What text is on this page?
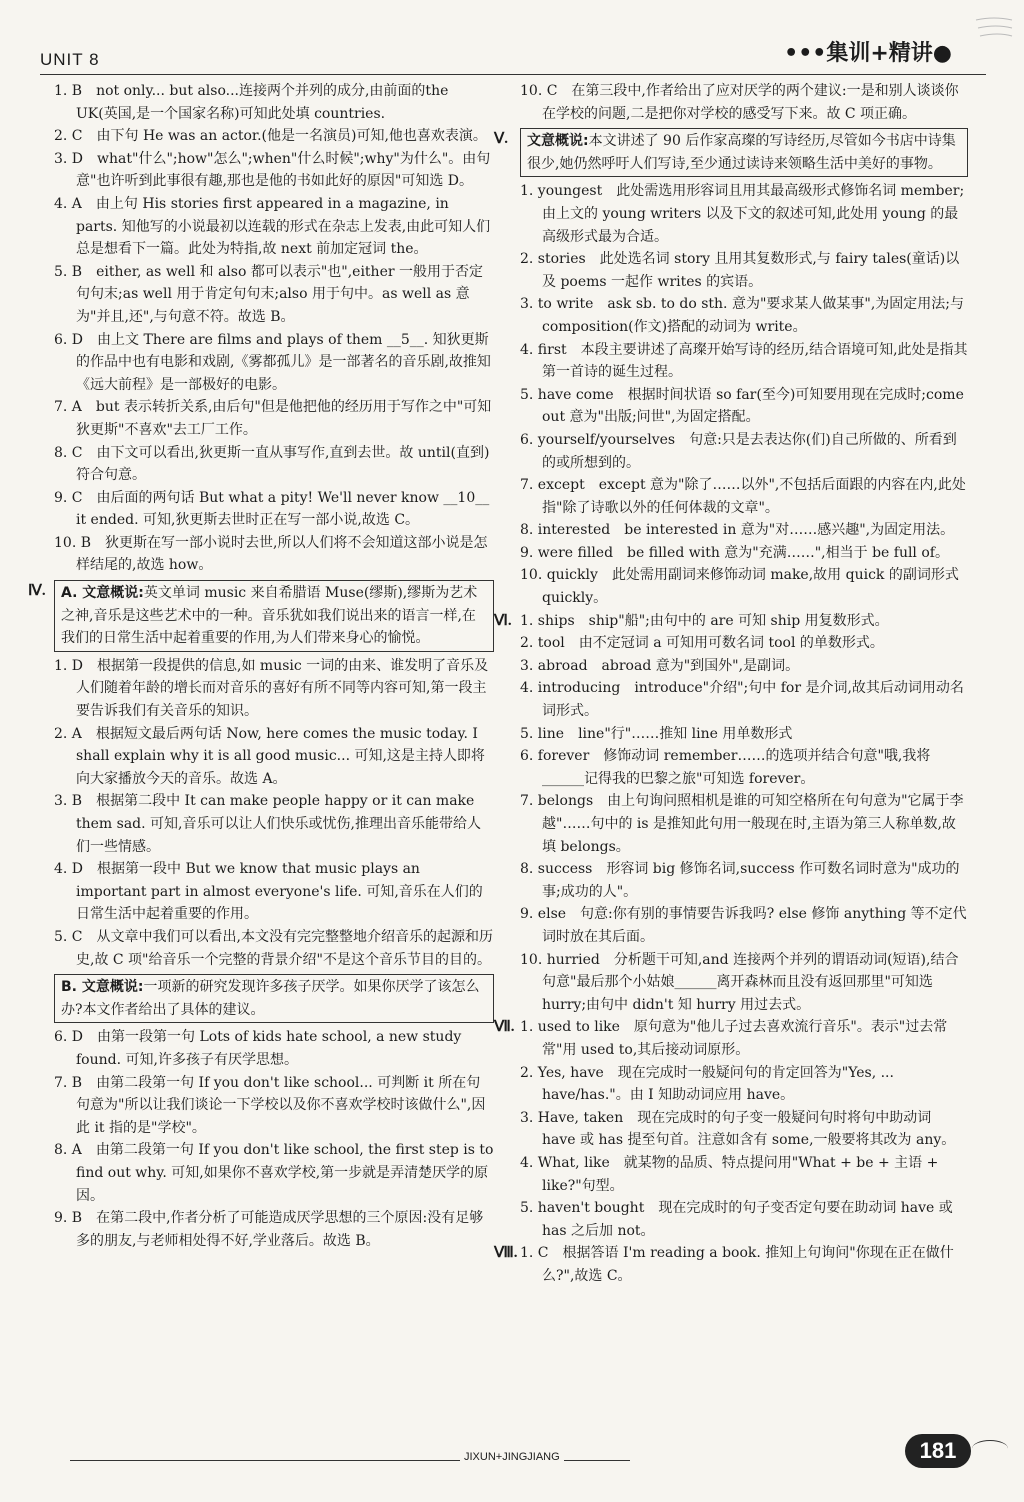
UNIT 8	•••集训+精讲●

1. B　not only... but also...连接两个并列的成分,由前面的the UK(英国,是一个国家名称)可知此处填 countries.

2. C　由下句 He was an actor.(他是一名演员)可知,他也喜欢表演。

3. D　what"什么";how"怎么";when"什么时候";why"为什么"。由句意"也许听到此事很有趣,那也是他的书如此好的原因"可知选 D。

4. A　由上句 His stories first appeared in a magazine, in parts. 知他写的小说最初以连载的形式在杂志上发表,由此可知人们总是想看下一篇。此处为特指,故 next 前加定冠词 the。

5. B　either, as well 和 also 都可以表示"也",either 一般用于否定句句末;as well 用于肯定句句末;also 用于句中。as well as 意为"并且,还",与句意不符。故选 B。

6. D　由上文 There are films and plays of them __5__. 知狄更斯的作品中也有电影和戏剧,《雾都孤儿》是一部著名的音乐剧,故推知《远大前程》是一部极好的电影。

7. A　but 表示转折关系,由后句"但是他把他的经历用于写作之中"可知狄更斯"不喜欢"去工厂工作。

8. C　由下文可以看出,狄更斯一直从事写作,直到去世。故 until(直到)符合句意。

9. C　由后面的两句话 But what a pity! We'll never know __10__ it ended. 可知,狄更斯去世时正在写一部小说,故选 C。

10. B　狄更斯在写一部小说时去世,所以人们将不会知道这部小说是怎样结尾的,故选 how。

Ⅳ.	A. 文意概说:英文单词 music 来自希腊语 Muse(缪斯),缪斯为艺术之神,音乐是这些艺术中的一种。音乐犹如我们说出来的语言一样,在我们的日常生活中起着重要的作用,为人们带来身心的愉悦。

1. D　根据第一段提供的信息,如 music 一词的由来、谁发明了音乐及人们随着年龄的增长而对音乐的喜好有所不同等内容可知,第一段主要告诉我们有关音乐的知识。

2. A　根据短文最后两句话 Now, here comes the music today. I shall explain why it is all good music... 可知,这是主持人即将向大家播放今天的音乐。故选 A。

3. B　根据第二段中 It can make people happy or it can make them sad. 可知,音乐可以让人们快乐或忧伤,推理出音乐能带给人们一些情感。

4. D　根据第一段中 But we know that music plays an important part in almost everyone's life. 可知,音乐在人们的日常生活中起着重要的作用。

5. C　从文章中我们可以看出,本文没有完完整整地介绍音乐的起源和历史,故 C 项"给音乐一个完整的背景介绍"不是这个音乐节目的目的。

B. 文意概说:一项新的研究发现许多孩子厌学。如果你厌学了该怎么办?本文作者给出了具体的建议。

6. D　由第一段第一句 Lots of kids hate school, a new study found. 可知,许多孩子有厌学思想。

7. B　由第二段第一句 If you don't like school... 可判断 it 所在句句意为"所以让我们谈论一下学校以及你不喜欢学校时该做什么",因此 it 指的是"学校"。

8. A　由第二段第一句 If you don't like school, the first step is to find out why. 可知,如果你不喜欢学校,第一步就是弄清楚厌学的原因。

9. B　在第二段中,作者分析了可能造成厌学思想的三个原因:没有足够多的朋友,与老师相处得不好,学业落后。故选 B。

10. C　在第三段中,作者给出了应对厌学的两个建议:一是和别人谈谈你在学校的问题,二是把你对学校的感受写下来。故 C 项正确。

Ⅴ.	文意概说:本文讲述了 90 后作家高璨的写诗经历,尽管如今书店中诗集很少,她仍然呼吁人们写诗,至少通过读诗来领略生活中美好的事物。

1. youngest　此处需选用形容词且用其最高级形式修饰名词 member;由上文的 young writers 以及下文的叙述可知,此处用 young 的最高级形式最为合适。

2. stories　此处选名词 story 且用其复数形式,与 fairy tales(童话)以及 poems 一起作 writes 的宾语。

3. to write　ask sb. to do sth. 意为"要求某人做某事",为固定用法;与 composition(作文)搭配的动词为 write。

4. first　本段主要讲述了高璨开始写诗的经历,结合语境可知,此处是指其第一首诗的诞生过程。

5. have come　根据时间状语 so far(至今)可知要用现在完成时;come out 意为"出版;问世",为固定搭配。

6. yourself/yourselves　句意:只是去表达你(们)自己所做的、所看到的或所想到的。

7. except　except 意为"除了……以外",不包括后面跟的内容在内,此处指"除了诗歌以外的任何体裁的文章"。

8. interested　be interested in 意为"对……感兴趣",为固定用法。

9. were filled　be filled with 意为"充满……",相当于 be full of。

10. quickly　此处需用副词来修饰动词 make,故用 quick 的副词形式 quickly。

Ⅵ. 1. ships　ship"船";由句中的 are 可知 ship 用复数形式。

2. tool　由不定冠词 a 可知用可数名词 tool 的单数形式。

3. abroad　abroad 意为"到国外",是副词。

4. introducing　introduce"介绍";句中 for 是介词,故其后动词用动名词形式。

5. line　line"行"……推知 line 用单数形式

6. forever　修饰动词 remember……的选项并结合句意"哦,我将______记得我的巴黎之旅"可知选 forever。

7. belongs　由上句询问照相机是谁的可知空格所在句句意为"它属于李越"……句中的 is 是推知此句用一般现在时,主语为第三人称单数,故填 belongs。

8. success　形容词 big 修饰名词,success 作可数名词时意为"成功的事;成功的人"。

9. else　句意:你有别的事情要告诉我吗? else 修饰 anything 等不定代词时放在其后面。

10. hurried　分析题干可知,and 连接两个并列的谓语动词(短语),结合句意"最后那个小姑娘______离开森林而且没有返回那里"可知选 hurry;由句中 didn't 知 hurry 用过去式。

Ⅶ. 1. used to like　原句意为"他儿子过去喜欢流行音乐"。表示"过去常常"用 used to,其后接动词原形。

2. Yes, have　现在完成时一般疑问句的肯定回答为"Yes, ... have/has."。由 I 知助动词应用 have。

3. Have, taken　现在完成时的句子变一般疑问句时将句中助动词 have 或 has 提至句首。注意如含有 some,一般要将其改为 any。

4. What, like　就某物的品质、特点提问用"What + be + 主语 + like?"句型。

5. haven't bought　现在完成时的句子变否定句要在助动词 have 或 has 之后加 not。

Ⅷ. 1. C　根据答语 I'm reading a book. 推知上句询问"你现在正在做什么?",故选 C。

JIXUN+JINGJIANG	181
